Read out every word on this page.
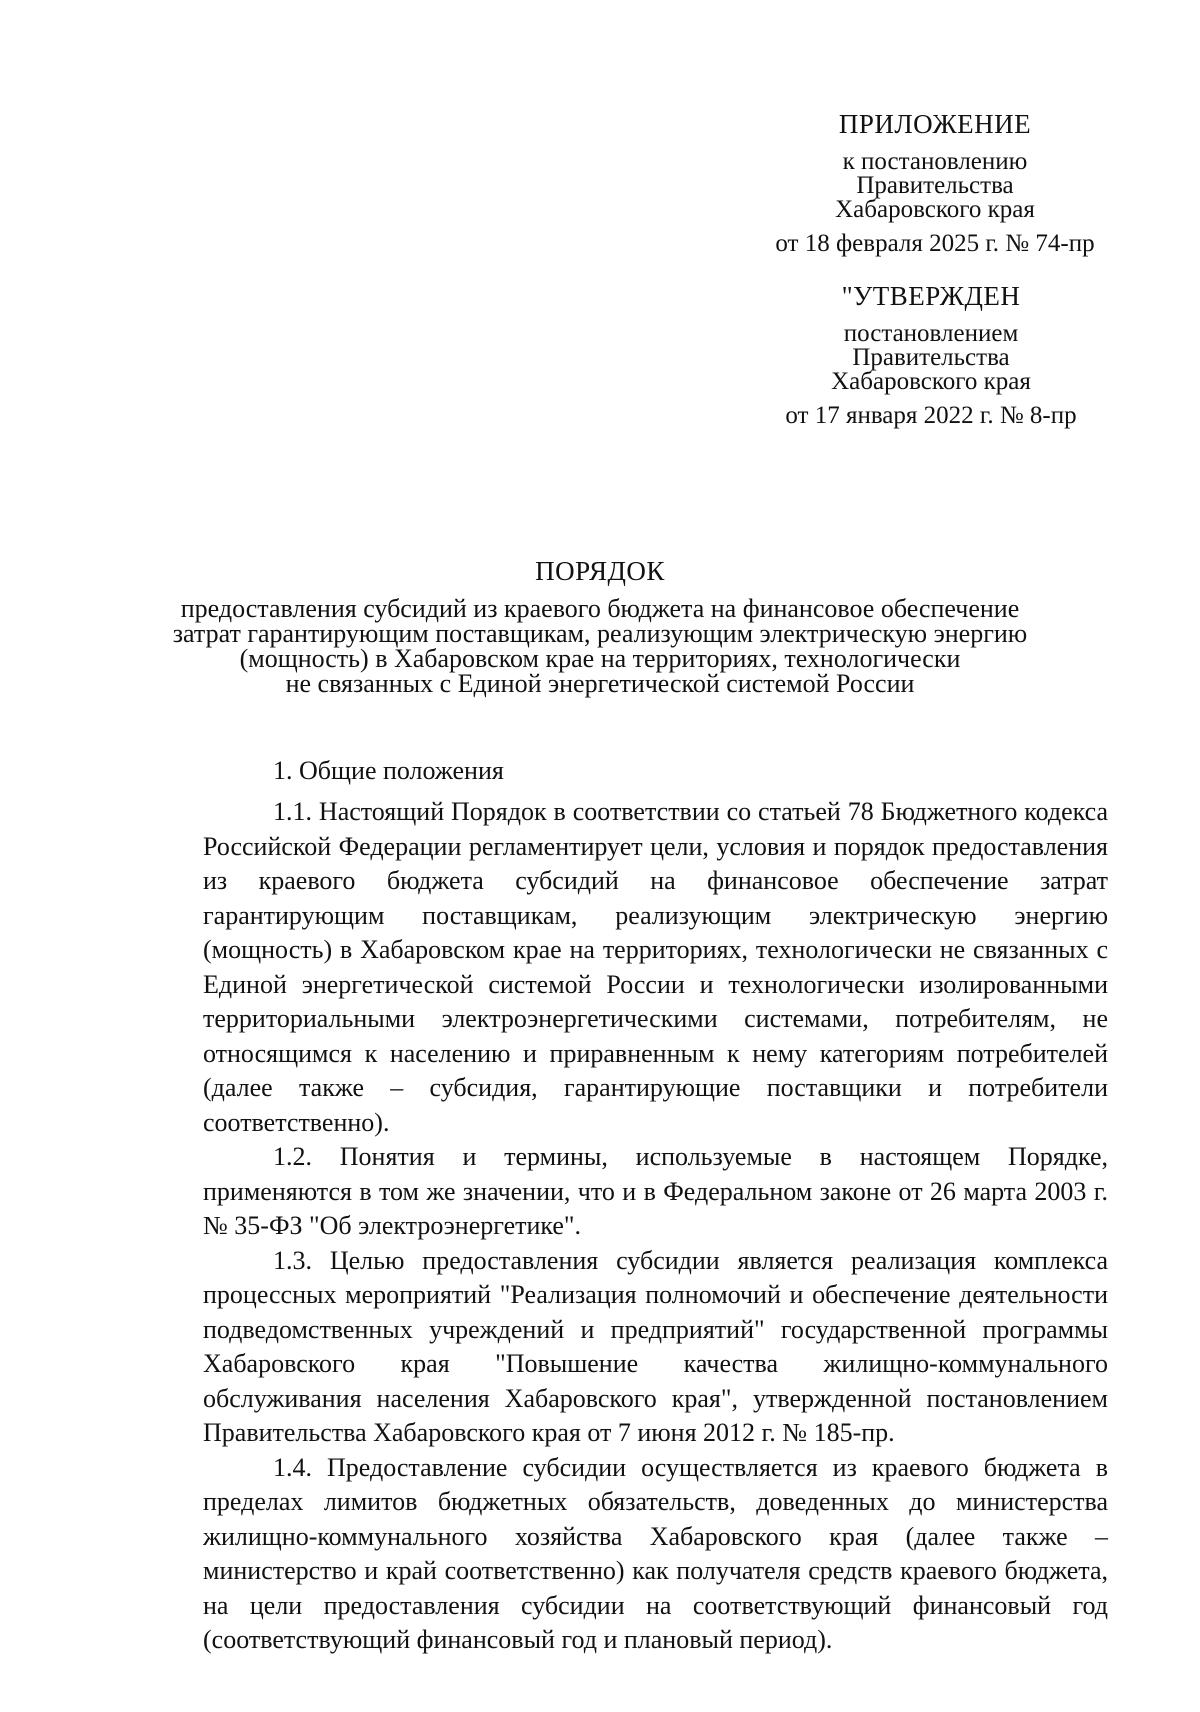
ПРИЛОЖЕНИЕ
к постановлению
Правительства
Хабаровского края
от 18 февраля 2025 г. № 74-пр
"УТВЕРЖДЕН
постановлением
Правительства
Хабаровского края
от 17 января 2022 г. № 8-пр
ПОРЯДОК
предоставления субсидий из краевого бюджета на финансовое обеспечение
затрат гарантирующим поставщикам, реализующим электрическую энергию
(мощность) в Хабаровском крае на территориях, технологически
не связанных с Единой энергетической системой России
1. Общие положения

1.1. Настоящий Порядок в соответствии со статьей 78 Бюджетного кодекса Российской Федерации регламентирует цели, условия и порядок предоставления из краевого бюджета субсидий на финансовое обеспечение затрат гарантирующим поставщикам, реализующим электрическую энергию (мощность) в Хабаровском крае на территориях, технологически не связанных с Единой энергетической системой России и технологически изолированными территориальными электроэнергетическими системами, потребителям, не относящимся к населению и приравненным к нему категориям потребителей (далее также – субсидия, гарантирующие поставщики и потребители соответственно).

1.2. Понятия и термины, используемые в настоящем Порядке, применяются в том же значении, что и в Федеральном законе от 26 марта 2003 г. № 35-ФЗ "Об электроэнергетике".

1.3. Целью предоставления субсидии является реализация комплекса процессных мероприятий "Реализация полномочий и обеспечение деятельности подведомственных учреждений и предприятий" государственной программы Хабаровского края "Повышение качества жилищно-коммунального обслуживания населения Хабаровского края", утвержденной постановлением Правительства Хабаровского края от 7 июня 2012 г. № 185-пр.

1.4. Предоставление субсидии осуществляется из краевого бюджета в пределах лимитов бюджетных обязательств, доведенных до министерства жилищно-коммунального хозяйства Хабаровского края (далее также – министерство и край соответственно) как получателя средств краевого бюджета, на цели предоставления субсидии на соответствующий финансовый год (соответствующий финансовый год и плановый период).
